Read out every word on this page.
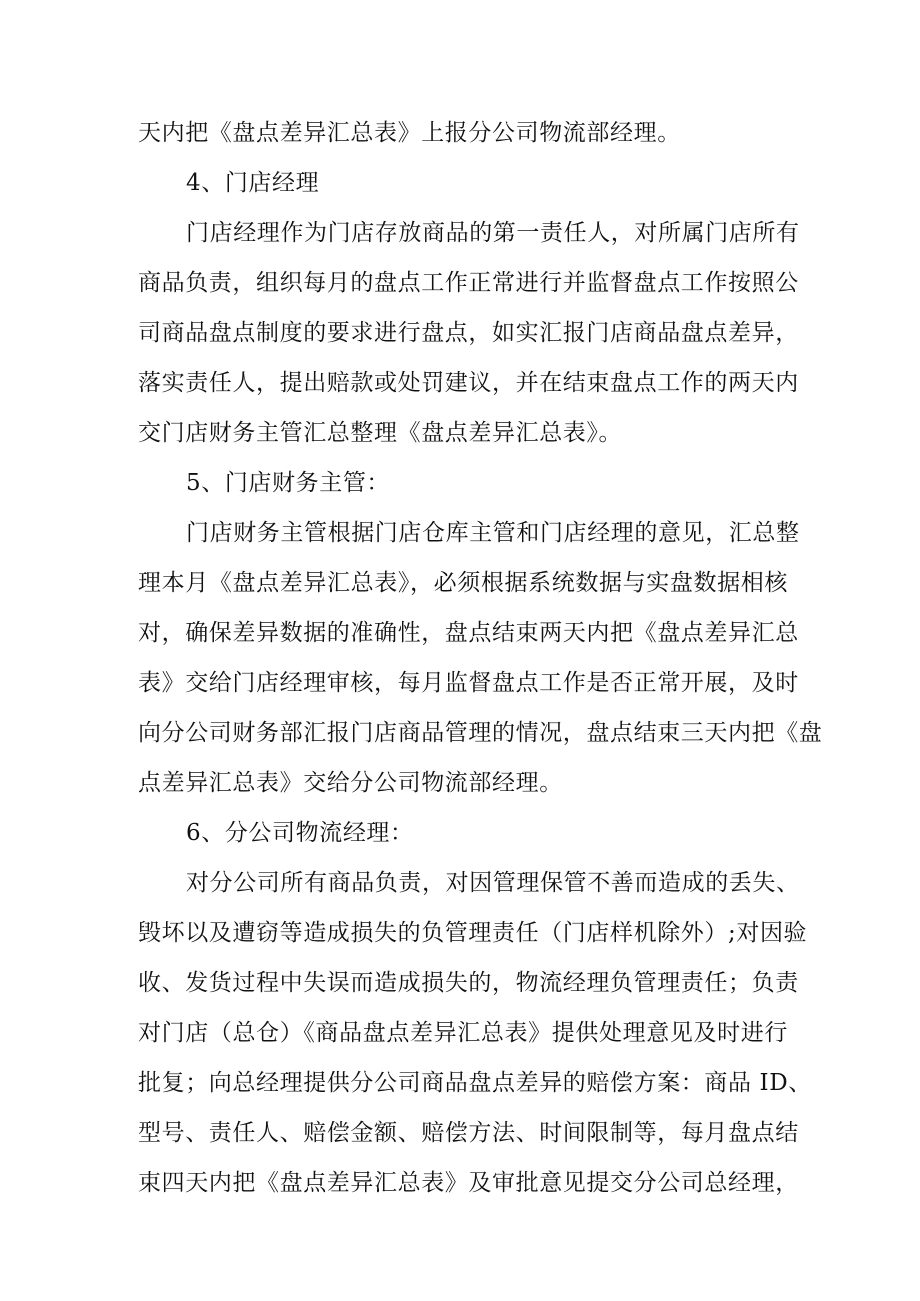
天内把《盘点差异汇总表》上报分公司物流部经理。
4、门店经理
门店经理作为门店存放商品的第一责任人，对所属门店所有
商品负责，组织每月的盘点工作正常进行并监督盘点工作按照公
司商品盘点制度的要求进行盘点，如实汇报门店商品盘点差异，
落实责任人，提出赔款或处罚建议，并在结束盘点工作的两天内
交门店财务主管汇总整理《盘点差异汇总表》。
5、门店财务主管：
门店财务主管根据门店仓库主管和门店经理的意见，汇总整
理本月《盘点差异汇总表》，必须根据系统数据与实盘数据相核
对，确保差异数据的准确性，盘点结束两天内把《盘点差异汇总
表》交给门店经理审核，每月监督盘点工作是否正常开展，及时
向分公司财务部汇报门店商品管理的情况，盘点结束三天内把《盘
点差异汇总表》交给分公司物流部经理。
6、分公司物流经理：
对分公司所有商品负责，对因管理保管不善而造成的丢失、
毁坏以及遭窃等造成损失的负管理责任（门店样机除外）;对因验
收、发货过程中失误而造成损失的，物流经理负管理责任；负责
对门店（总仓）《商品盘点差异汇总表》提供处理意见及时进行
批复；向总经理提供分公司商品盘点差异的赔偿方案：商品 ID、
型号、责任人、赔偿金额、赔偿方法、时间限制等，每月盘点结
束四天内把《盘点差异汇总表》及审批意见提交分公司总经理，
